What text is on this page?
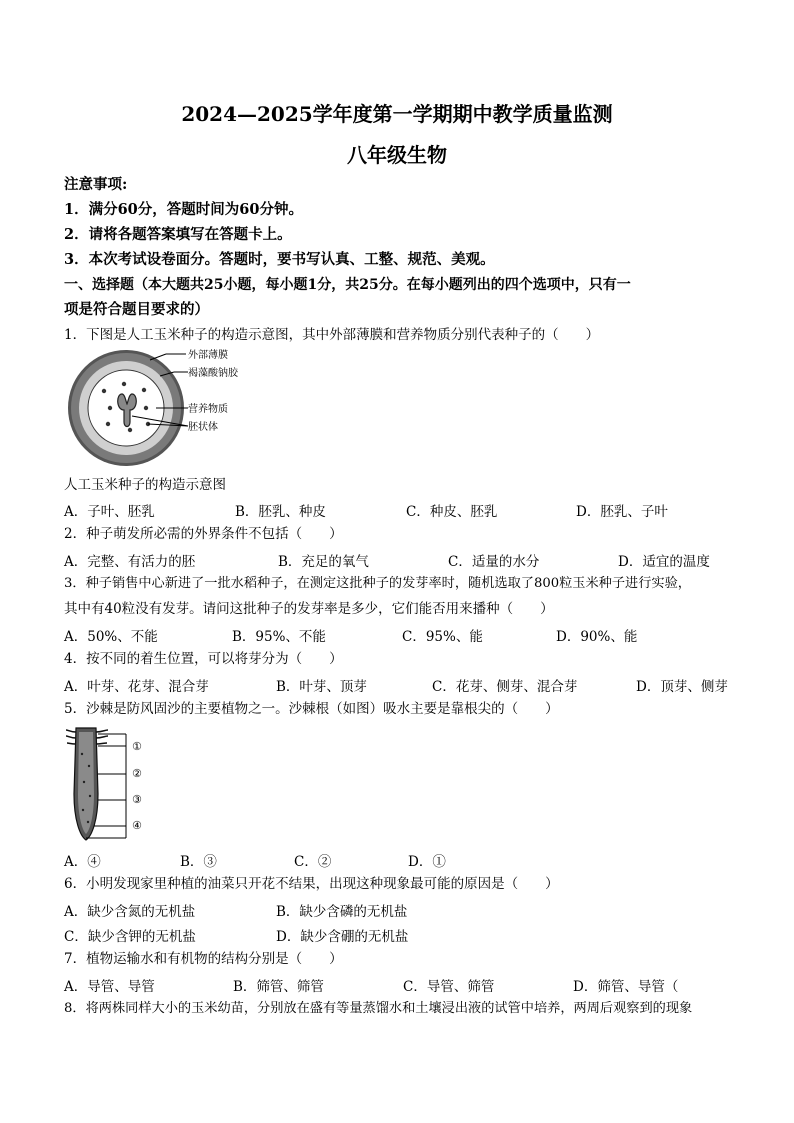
2024—2025学年度第一学期期中教学质量监测
八年级生物
注意事项:
1．满分60分，答题时间为60分钟。
2．请将各题答案填写在答题卡上。
3．本次考试设卷面分。答题时，要书写认真、工整、规范、美观。
一、选择题（本大题共25小题，每小题1分，共25分。在每小题列出的四个选项中，只有一
项是符合题目要求的）
1．下图是人工玉米种子的构造示意图，其中外部薄膜和营养物质分别代表种子的（　　）
外部薄膜
褐藻酸钠胶
营养物质
胚状体
人工玉米种子的构造示意图
A．子叶、胚乳	B．胚乳、种皮	C．种皮、胚乳	D．胚乳、子叶
2．种子萌发所必需的外界条件不包括（　　）
A．完整、有活力的胚	B．充足的氧气	C．适量的水分	D．适宜的温度
3．种子销售中心新进了一批水稻种子，在测定这批种子的发芽率时，随机选取了800粒玉米种子进行实验，
其中有40粒没有发芽。请问这批种子的发芽率是多少，它们能否用来播种（　　）
A．50%、不能	B．95%、不能	C．95%、能	D．90%、能
4．按不同的着生位置，可以将芽分为（　　）
A．叶芽、花芽、混合芽	B．叶芽、顶芽	C．花芽、侧芽、混合芽	D．顶芽、侧芽
5．沙棘是防风固沙的主要植物之一。沙棘根（如图）吸水主要是靠根尖的（　　）
①
②
③
④
A．④	B．③	C．②	D．①
6．小明发现家里种植的油菜只开花不结果，出现这种现象最可能的原因是（　　）
A．缺少含氮的无机盐	B．缺少含磷的无机盐
C．缺少含钾的无机盐	D．缺少含硼的无机盐
7．植物运输水和有机物的结构分别是（　　）
A．导管、导管	B．筛管、筛管	C．导管、筛管	D．筛管、导管（
8．将两株同样大小的玉米幼苗，分别放在盛有等量蒸馏水和土壤浸出液的试管中培养，两周后观察到的现象
